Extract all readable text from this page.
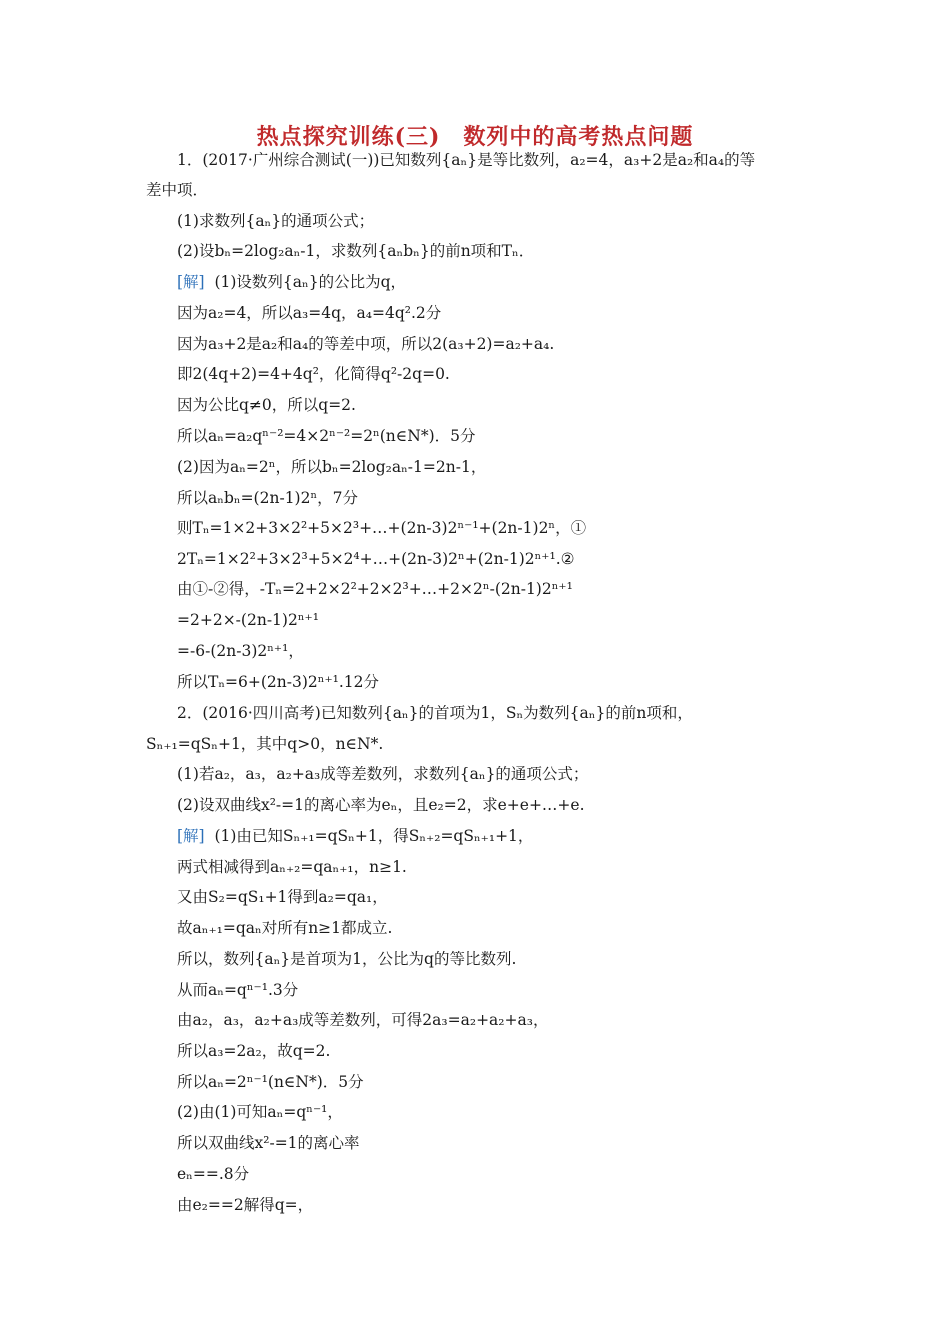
热点探究训练(三)　数列中的高考热点问题
1．(2017·广州综合测试(一))已知数列{aₙ}是等比数列，a₂=4，a₃+2是a₂和a₄的等
差中项．
(1)求数列{aₙ}的通项公式；
(2)设bₙ=2log₂aₙ-1，求数列{aₙbₙ}的前n项和Tₙ．
[解] (1)设数列{aₙ}的公比为q，
因为a₂=4，所以a₃=4q，a₄=4q².2分
因为a₃+2是a₂和a₄的等差中项，所以2(a₃+2)=a₂+a₄.
即2(4q+2)=4+4q²，化简得q²-2q=0.
因为公比q≠0，所以q=2.
所以aₙ=a₂qⁿ⁻²=4×2ⁿ⁻²=2ⁿ(n∈N*)．5分
(2)因为aₙ=2ⁿ，所以bₙ=2log₂aₙ-1=2n-1，
所以aₙbₙ=(2n-1)2ⁿ，7分
则Tₙ=1×2+3×2²+5×2³+…+(2n-3)2ⁿ⁻¹+(2n-1)2ⁿ，①
2Tₙ=1×2²+3×2³+5×2⁴+…+(2n-3)2ⁿ+(2n-1)2ⁿ⁺¹.②
由①-②得，-Tₙ=2+2×2²+2×2³+…+2×2ⁿ-(2n-1)2ⁿ⁺¹
=2+2×-(2n-1)2ⁿ⁺¹
=-6-(2n-3)2ⁿ⁺¹，
所以Tₙ=6+(2n-3)2ⁿ⁺¹.12分
2．(2016·四川高考)已知数列{aₙ}的首项为1，Sₙ为数列{aₙ}的前n项和，
Sₙ₊₁=qSₙ+1，其中q>0，n∈N*.
(1)若a₂，a₃，a₂+a₃成等差数列，求数列{aₙ}的通项公式；
(2)设双曲线x²-=1的离心率为eₙ，且e₂=2，求e+e+…+e.
[解] (1)由已知Sₙ₊₁=qSₙ+1，得Sₙ₊₂=qSₙ₊₁+1，
两式相减得到aₙ₊₂=qaₙ₊₁，n≥1.
又由S₂=qS₁+1得到a₂=qa₁，
故aₙ₊₁=qaₙ对所有n≥1都成立.
所以，数列{aₙ}是首项为1，公比为q的等比数列.
从而aₙ=qⁿ⁻¹.3分
由a₂，a₃，a₂+a₃成等差数列，可得2a₃=a₂+a₂+a₃，
所以a₃=2a₂，故q=2.
所以aₙ=2ⁿ⁻¹(n∈N*)．5分
(2)由(1)可知aₙ=qⁿ⁻¹，
所以双曲线x²-=1的离心率
eₙ==.8分
由e₂==2解得q=，
